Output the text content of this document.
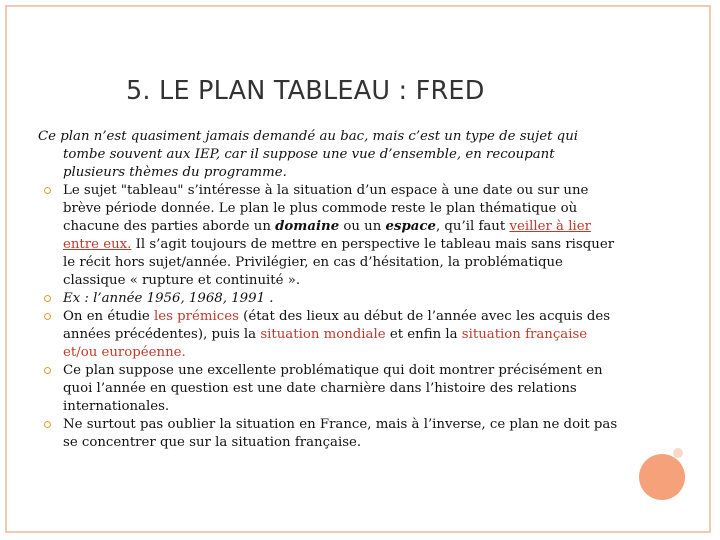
5. LE PLAN TABLEAU : FRED

Ce plan n’est quasiment jamais demandé au bac, mais c’est un type de sujet qui tombe souvent aux IEP, car il suppose une vue d’ensemble, en recoupant plusieurs thèmes du programme.

Le sujet "tableau" s’intéresse à la situation d’un espace à une date ou sur une brève période donnée. Le plan le plus commode reste le plan thématique où chacune des parties aborde un domaine ou un espace, qu’il faut veiller à lier entre eux. Il s’agit toujours de mettre en perspective le tableau mais sans risquer le récit hors sujet/année. Privilégier, en cas d’hésitation, la problématique classique « rupture et continuité ».
Ex : l’année 1956, 1968, 1991 .
On en étudie les prémices (état des lieux au début de l’année avec les acquis des années précédentes), puis la situation mondiale et enfin la situation française et/ou européenne.
Ce plan suppose une excellente problématique qui doit montrer précisément en quoi l’année en question est une date charnière dans l’histoire des relations internationales.
Ne surtout pas oublier la situation en France, mais à l’inverse, ce plan ne doit pas se concentrer que sur la situation française.
